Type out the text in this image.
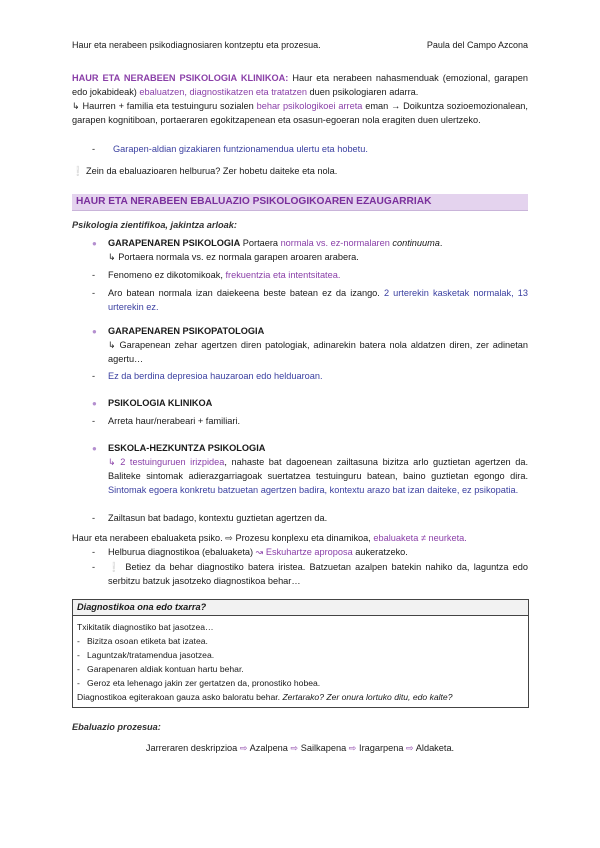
Haur eta nerabeen psikodiagnosiaren kontzeptu eta prozesua.	Paula del Campo Azcona
HAUR ETA NERABEEN PSIKOLOGIA KLINIKOA: Haur eta nerabeen nahasmenduak (emozional, garapen edo jokabideak) ebaluatzen, diagnostikatzen eta tratatzen duen psikologiaren adarra.
↳ Haurren + familia eta testuinguru sozialen behar psikologikoei arreta eman → Doikuntza sozioemozionalean, garapen kognitiboan, portaeraren egokitzapenean eta osasun-egoeran nola eragiten duen ulertzeko.
- Garapen-aldian gizakiaren funtzionamendua ulertu eta hobetu.
❕ Zein da ebaluazioaren helburua? Zer hobetu daiteke eta nola.
HAUR ETA NERABEEN EBALUAZIO PSIKOLOGIKOAREN EZAUGARRIAK
Psikologia zientifikoa, jakintza arloak:
● GARAPENAREN PSIKOLOGIA Portaera normala vs. ez-normalaren continuuma.
↳ Portaera normala vs. ez normala garapen aroaren arabera.
- Fenomeno ez dikotomikoak, frekuentzia eta intentsitatea.
- Aro batean normala izan daiekeena beste batean ez da izango. 2 urterekin kasketak normalak, 13 urterekin ez.
● GARAPENAREN PSIKOPATOLOGIA
↳ Garapenean zehar agertzen diren patologiak, adinarekin batera nola aldatzen diren, zer adinetan agertu…
- Ez da berdina depresioa hauzaroan edo helduaroan.
● PSIKOLOGIA KLINIKOA
- Arreta haur/nerabeari + familiari.
● ESKOLA-HEZKUNTZA PSIKOLOGIA
↳ 2 testuinguruen irizpidea, nahaste bat dagoenean zailtasuna bizitza arlo guztietan agertzen da. Baliteke sintomak adierazgarriagoak suertatzea testuinguru batean, baino guztietan egongo dira. Sintomak egoera konkretu batzuetan agertzen badira, kontextu arazo bat izan daiteke, ez psikopatia.
- Zailtasun bat badago, kontextu guztietan agertzen da.
Haur eta nerabeen ebaluaketa psiko. ⇨ Prozesu konplexu eta dinamikoa, ebaluaketa ≠ neurketa.
- Helburua diagnostikoa (ebaluaketa) ↝ Eskuhartze aproposa aukeratzeko.
- ❕ Betiez da behar diagnostiko batera iristea. Batzuetan azalpen batekin nahiko da, laguntza edo serbitzu batzuk jasotzeko diagnostikoa behar…
Diagnostikoa ona edo txarra?
Txikitatik diagnostiko bat jasotzea…
-   Bizitza osoan etiketa bat izatea.
-   Laguntzak/tratamendua jasotzea.
-   Garapenaren aldiak kontuan hartu behar.
-   Geroz eta lehenago jakin zer gertatzen da, pronostiko hobea.
Diagnostikoa egiterakoan gauza asko baloratu behar. Zertarako? Zer onura lortuko ditu, edo kalte?
Ebaluazio prozesua:
Jarreraren deskripzioa ⇨ Azalpena ⇨ Sailkapena ⇨ Iragarpena ⇨ Aldaketa.
